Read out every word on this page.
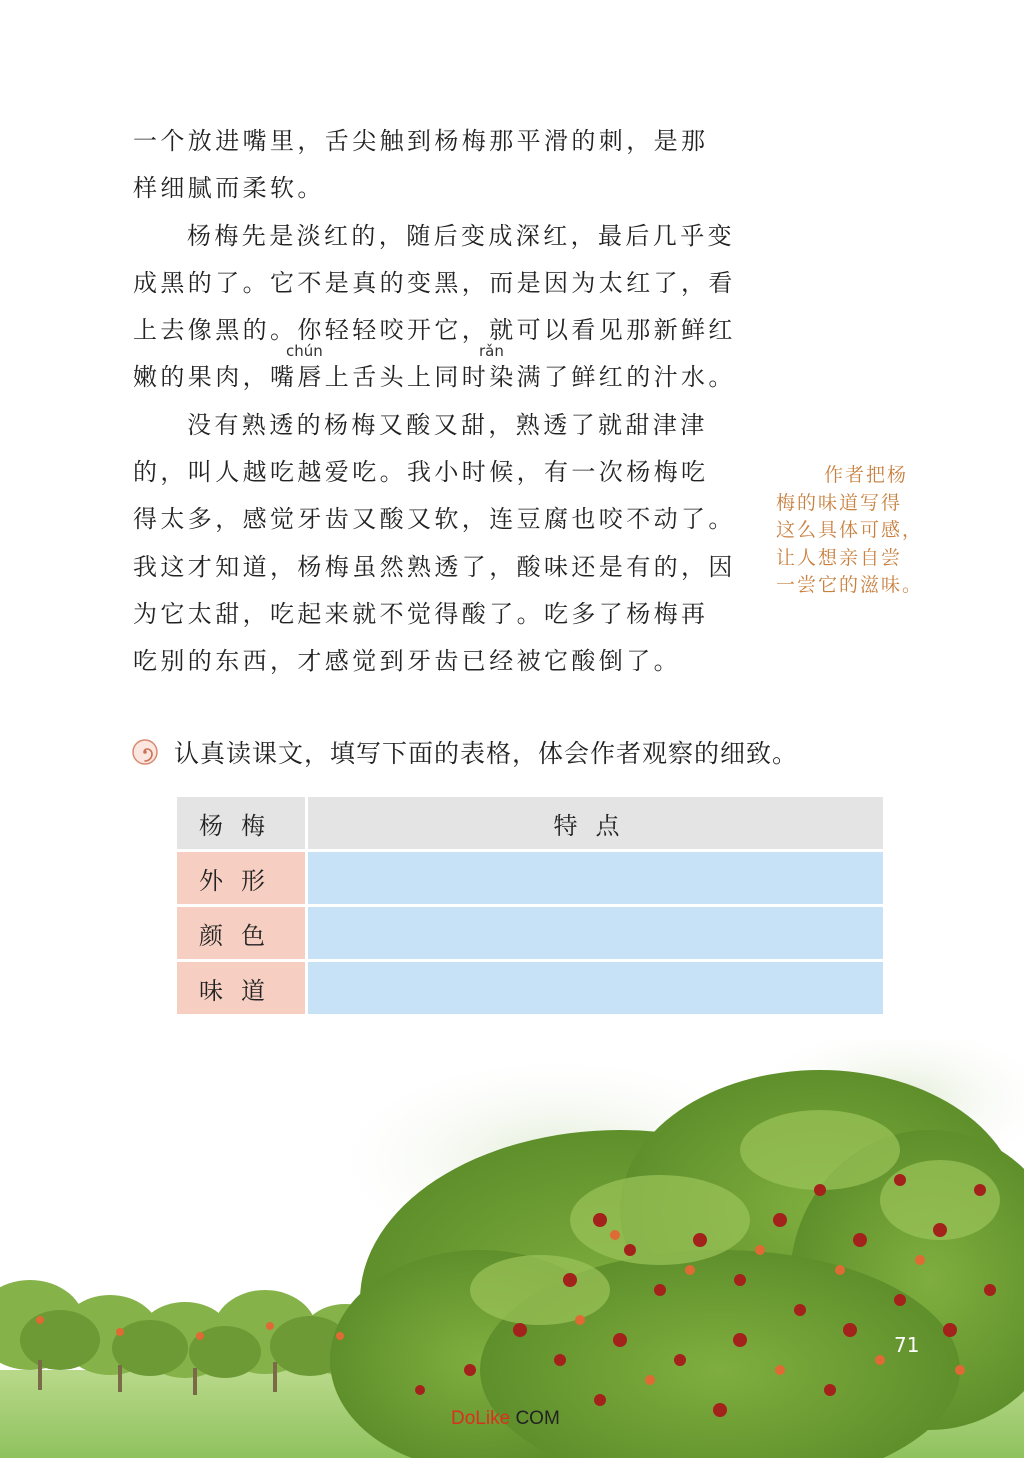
一个放进嘴里，舌尖触到杨梅那平滑的刺，是那
样细腻而柔软。
杨梅先是淡红的，随后变成深红，最后几乎变
成黑的了。它不是真的变黑，而是因为太红了，看
上去像黑的。你轻轻咬开它，就可以看见那新鲜红
嫩的果肉，嘴唇上舌头上同时染满了鲜红的汁水。
没有熟透的杨梅又酸又甜，熟透了就甜津津
的，叫人越吃越爱吃。我小时候，有一次杨梅吃
得太多，感觉牙齿又酸又软，连豆腐也咬不动了。
我这才知道，杨梅虽然熟透了，酸味还是有的，因
为它太甜，吃起来就不觉得酸了。吃多了杨梅再
吃别的东西，才感觉到牙齿已经被它酸倒了。
chún	rǎn
作者把杨
梅的味道写得
这么具体可感，
让人想亲自尝
一尝它的滋味。
认真读课文，填写下面的表格，体会作者观察的细致。
杨梅	特点
外形	
颜色	
味道	
71
DoLike COM
